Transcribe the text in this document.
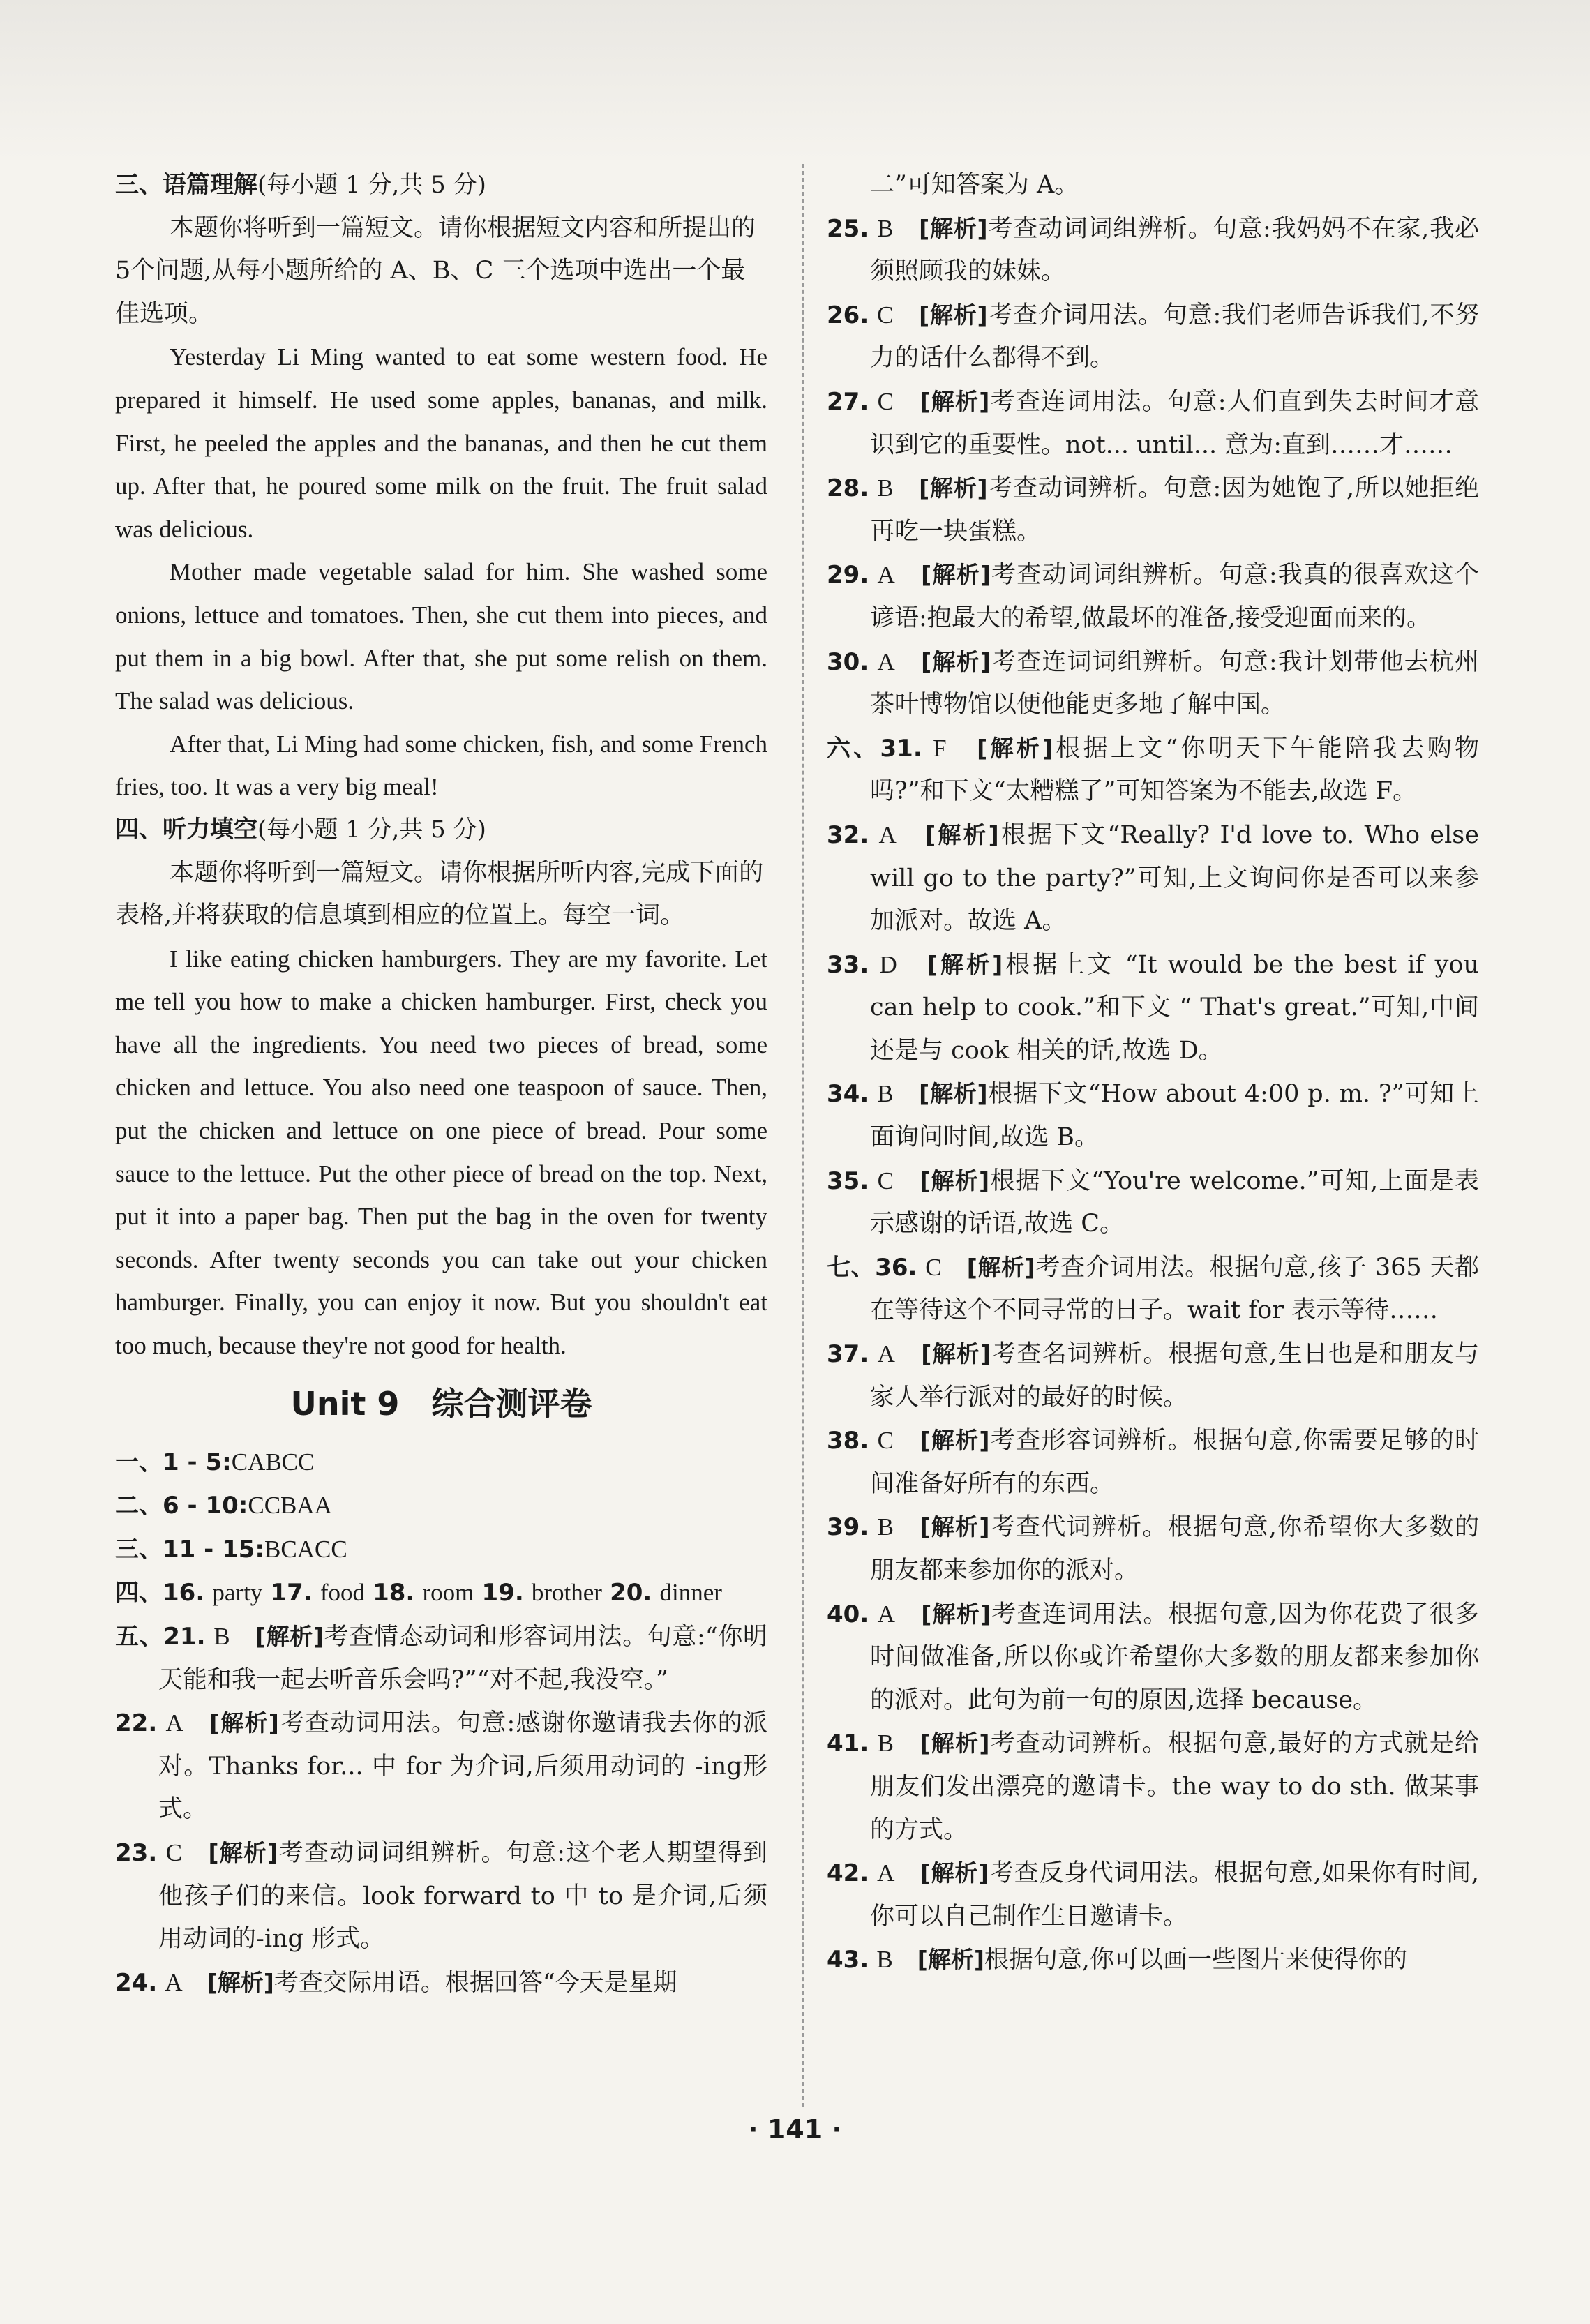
三、语篇理解(每小题 1 分,共 5 分)

本题你将听到一篇短文。请你根据短文内容和所提出的5个问题,从每小题所给的 A、B、C 三个选项中选出一个最佳选项。

Yesterday Li Ming wanted to eat some western food. He prepared it himself. He used some apples, bananas, and milk. First, he peeled the apples and the bananas, and then he cut them up. After that, he poured some milk on the fruit. The fruit salad was delicious.

Mother made vegetable salad for him. She washed some onions, lettuce and tomatoes. Then, she cut them into pieces, and put them in a big bowl. After that, she put some relish on them. The salad was delicious.

After that, Li Ming had some chicken, fish, and some French fries, too. It was a very big meal!

四、听力填空(每小题 1 分,共 5 分)

本题你将听到一篇短文。请你根据所听内容,完成下面的表格,并将获取的信息填到相应的位置上。每空一词。

I like eating chicken hamburgers. They are my favorite. Let me tell you how to make a chicken hamburger. First, check you have all the ingredients. You need two pieces of bread, some chicken and lettuce. You also need one teaspoon of sauce. Then, put the chicken and lettuce on one piece of bread. Pour some sauce to the lettuce. Put the other piece of bread on the top. Next, put it into a paper bag. Then put the bag in the oven for twenty seconds. After twenty seconds you can take out your chicken hamburger. Finally, you can enjoy it now. But you shouldn't eat too much, because they're not good for health.

Unit 9　综合测评卷

一、1 - 5:CABCC

二、6 - 10:CCBAA

三、11 - 15:BCACC

四、16. party 17. food 18. room 19. brother 20. dinner

五、21. B　 [解析]考查情态动词和形容词用法。句意:“你明天能和我一起去听音乐会吗?”“对不起,我没空。”

22. A　 [解析]考查动词用法。句意:感谢你邀请我去你的派对。Thanks for... 中 for 为介词,后须用动词的 -ing形式。

23. C　 [解析]考查动词词组辨析。句意:这个老人期望得到他孩子们的来信。look forward to 中 to 是介词,后须用动词的-ing 形式。

24. A　 [解析]考查交际用语。根据回答“今天是星期

二”可知答案为 A。

25. B　 [解析]考查动词词组辨析。句意:我妈妈不在家,我必须照顾我的妹妹。

26. C　 [解析]考查介词用法。句意:我们老师告诉我们,不努力的话什么都得不到。

27. C　 [解析]考查连词用法。句意:人们直到失去时间才意识到它的重要性。not... until... 意为:直到……才……

28. B　 [解析]考查动词辨析。句意:因为她饱了,所以她拒绝再吃一块蛋糕。

29. A　 [解析]考查动词词组辨析。句意:我真的很喜欢这个谚语:抱最大的希望,做最坏的准备,接受迎面而来的。

30. A　 [解析]考查连词词组辨析。句意:我计划带他去杭州茶叶博物馆以便他能更多地了解中国。

六、31. F　 [解析]根据上文“你明天下午能陪我去购物吗?”和下文“太糟糕了”可知答案为不能去,故选 F。

32. A　 [解析]根据下文“Really? I'd love to. Who else will go to the party?”可知,上文询问你是否可以来参加派对。故选 A。

33. D　 [解析]根据上文 “It would be the best if you can help to cook.”和下文 “ That's great.”可知,中间还是与 cook 相关的话,故选 D。

34. B　 [解析]根据下文“How about 4:00 p. m. ?”可知上面询问时间,故选 B。

35. C　 [解析]根据下文“You're welcome.”可知,上面是表示感谢的话语,故选 C。

七、36. C　 [解析]考查介词用法。根据句意,孩子 365 天都在等待这个不同寻常的日子。wait for 表示等待……

37. A　 [解析]考查名词辨析。根据句意,生日也是和朋友与家人举行派对的最好的时候。

38. C　 [解析]考查形容词辨析。根据句意,你需要足够的时间准备好所有的东西。

39. B　 [解析]考查代词辨析。根据句意,你希望你大多数的朋友都来参加你的派对。

40. A　 [解析]考查连词用法。根据句意,因为你花费了很多时间做准备,所以你或许希望你大多数的朋友都来参加你的派对。此句为前一句的原因,选择 because。

41. B　 [解析]考查动词辨析。根据句意,最好的方式就是给朋友们发出漂亮的邀请卡。the way to do sth. 做某事的方式。

42. A　 [解析]考查反身代词用法。根据句意,如果你有时间,你可以自己制作生日邀请卡。

43. B　 [解析]根据句意,你可以画一些图片来使得你的

· 141 ·
